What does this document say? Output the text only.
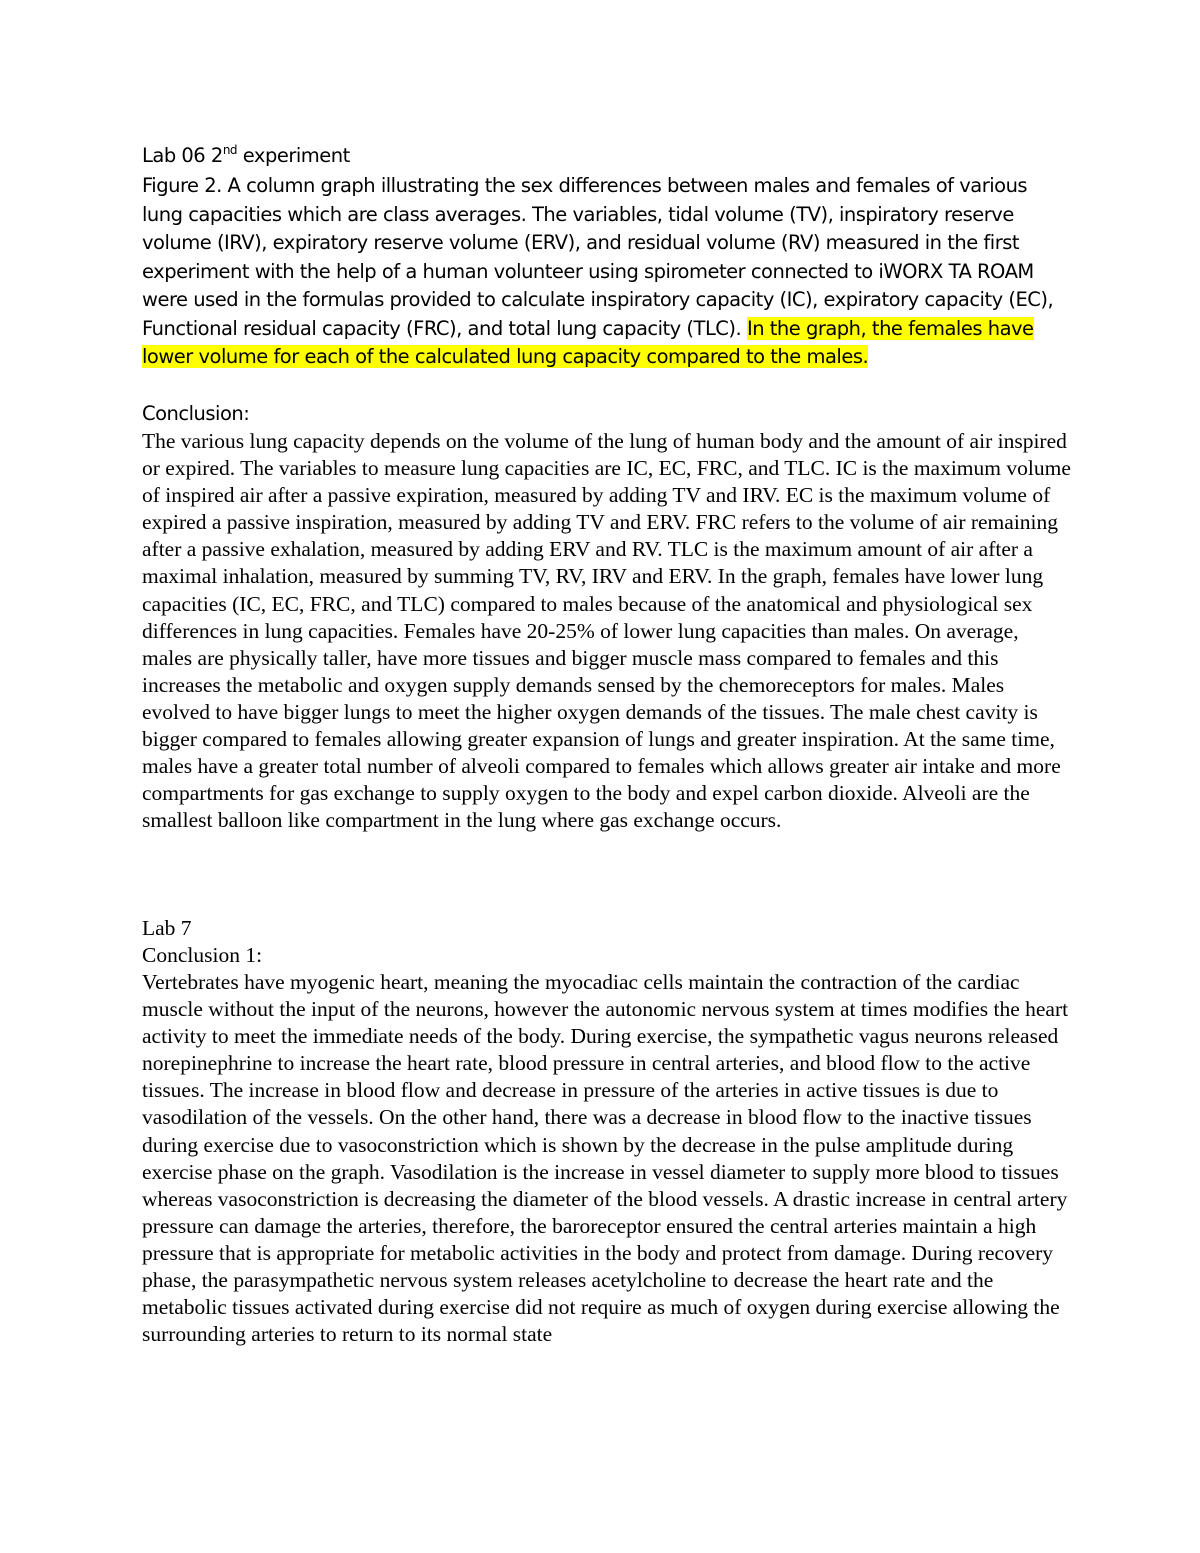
Lab 06 2nd experiment

Figure 2. A column graph illustrating the sex differences between males and females of various lung capacities which are class averages. The variables, tidal volume (TV), inspiratory reserve volume (IRV), expiratory reserve volume (ERV), and residual volume (RV) measured in the first experiment with the help of a human volunteer using spirometer connected to iWORX TA ROAM were used in the formulas provided to calculate inspiratory capacity (IC), expiratory capacity (EC), Functional residual capacity (FRC), and total lung capacity (TLC). In the graph, the females have lower volume for each of the calculated lung capacity compared to the males.

Conclusion:

The various lung capacity depends on the volume of the lung of human body and the amount of air inspired or expired. The variables to measure lung capacities are IC, EC, FRC, and TLC. IC is the maximum volume of inspired air after a passive expiration, measured by adding TV and IRV. EC is the maximum volume of expired a passive inspiration, measured by adding TV and ERV. FRC refers to the volume of air remaining after a passive exhalation, measured by adding ERV and RV. TLC is the maximum amount of air after a maximal inhalation, measured by summing TV, RV, IRV and ERV. In the graph, females have lower lung capacities (IC, EC, FRC, and TLC) compared to males because of the anatomical and physiological sex differences in lung capacities. Females have 20-25% of lower lung capacities than males. On average, males are physically taller, have more tissues and bigger muscle mass compared to females and this increases the metabolic and oxygen supply demands sensed by the chemoreceptors for males. Males evolved to have bigger lungs to meet the higher oxygen demands of the tissues. The male chest cavity is bigger compared to females allowing greater expansion of lungs and greater inspiration. At the same time, males have a greater total number of alveoli compared to females which allows greater air intake and more compartments for gas exchange to supply oxygen to the body and expel carbon dioxide. Alveoli are the smallest balloon like compartment in the lung where gas exchange occurs.

Lab 7

Conclusion 1:

Vertebrates have myogenic heart, meaning the myocadiac cells maintain the contraction of the cardiac muscle without the input of the neurons, however the autonomic nervous system at times modifies the heart activity to meet the immediate needs of the body. During exercise, the sympathetic vagus neurons released norepinephrine to increase the heart rate, blood pressure in central arteries, and blood flow to the active tissues. The increase in blood flow and decrease in pressure of the arteries in active tissues is due to vasodilation of the vessels. On the other hand, there was a decrease in blood flow to the inactive tissues during exercise due to vasoconstriction which is shown by the decrease in the pulse amplitude during exercise phase on the graph. Vasodilation is the increase in vessel diameter to supply more blood to tissues whereas vasoconstriction is decreasing the diameter of the blood vessels. A drastic increase in central artery pressure can damage the arteries, therefore, the baroreceptor ensured the central arteries maintain a high pressure that is appropriate for metabolic activities in the body and protect from damage. During recovery phase, the parasympathetic nervous system releases acetylcholine to decrease the heart rate and the metabolic tissues activated during exercise did not require as much of oxygen during exercise allowing the surrounding arteries to return to its normal state
